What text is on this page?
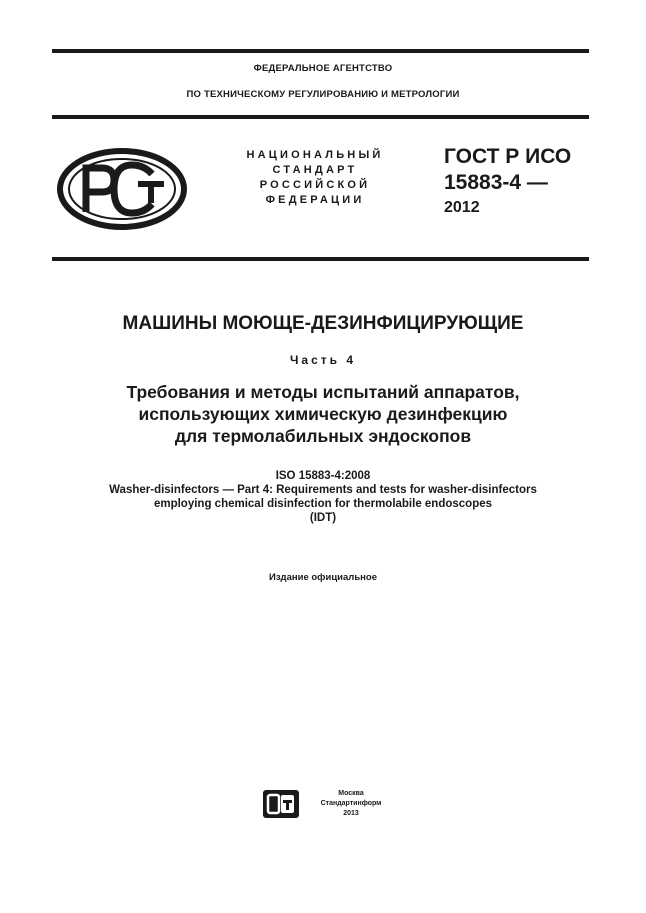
ФЕДЕРАЛЬНОЕ АГЕНТСТВО
ПО ТЕХНИЧЕСКОМУ РЕГУЛИРОВАНИЮ И МЕТРОЛОГИИ
НАЦИОНАЛЬНЫЙ
СТАНДАРТ
РОССИЙСКОЙ
ФЕДЕРАЦИИ
ГОСТ Р ИСО
15883-4 —
2012
МАШИНЫ МОЮЩЕ-ДЕЗИНФИЦИРУЮЩИЕ
Часть 4
Требования и методы испытаний аппаратов,
использующих химическую дезинфекцию
для термолабильных эндоскопов
ISO 15883-4:2008
Washer-disinfectors — Part 4: Requirements and tests for washer-disinfectors
employing chemical disinfection for thermolabile endoscopes
(IDT)
Издание официальное
Москва
Стандартинформ
2013
